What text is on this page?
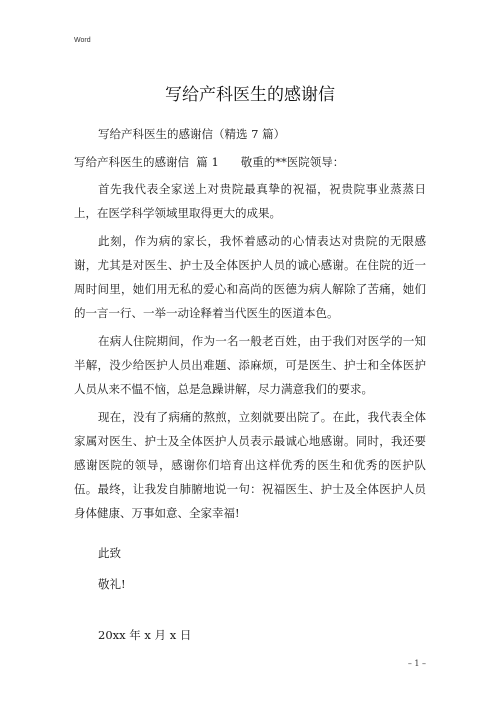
Word
写给产科医生的感谢信
写给产科医生的感谢信（精选 7 篇）
写给产科医生的感谢信  篇 1      敬重的**医院领导：

首先我代表全家送上对贵院最真挚的祝福，祝贵院事业蒸蒸日上，在医学科学领域里取得更大的成果。

此刻，作为病的家长，我怀着感动的心情表达对贵院的无限感谢，尤其是对医生、护士及全体医护人员的诚心感谢。在住院的近一周时间里，她们用无私的爱心和高尚的医德为病人解除了苦痛，她们的一言一行、一举一动诠释着当代医生的医道本色。

在病人住院期间，作为一名一般老百姓，由于我们对医学的一知半解，没少给医护人员出难题、添麻烦，可是医生、护士和全体医护人员从来不愠不恼，总是急躁讲解，尽力满意我们的要求。

现在，没有了病痛的熬煎，立刻就要出院了。在此，我代表全体家属对医生、护士及全体医护人员表示最诚心地感谢。同时，我还要感谢医院的领导，感谢你们培育出这样优秀的医生和优秀的医护队伍。最终，让我发自肺腑地说一句：祝福医生、护士及全体医护人员身体健康、万事如意、全家幸福!

此致
敬礼!
20xx 年 x 月 x 日
– 1 –
